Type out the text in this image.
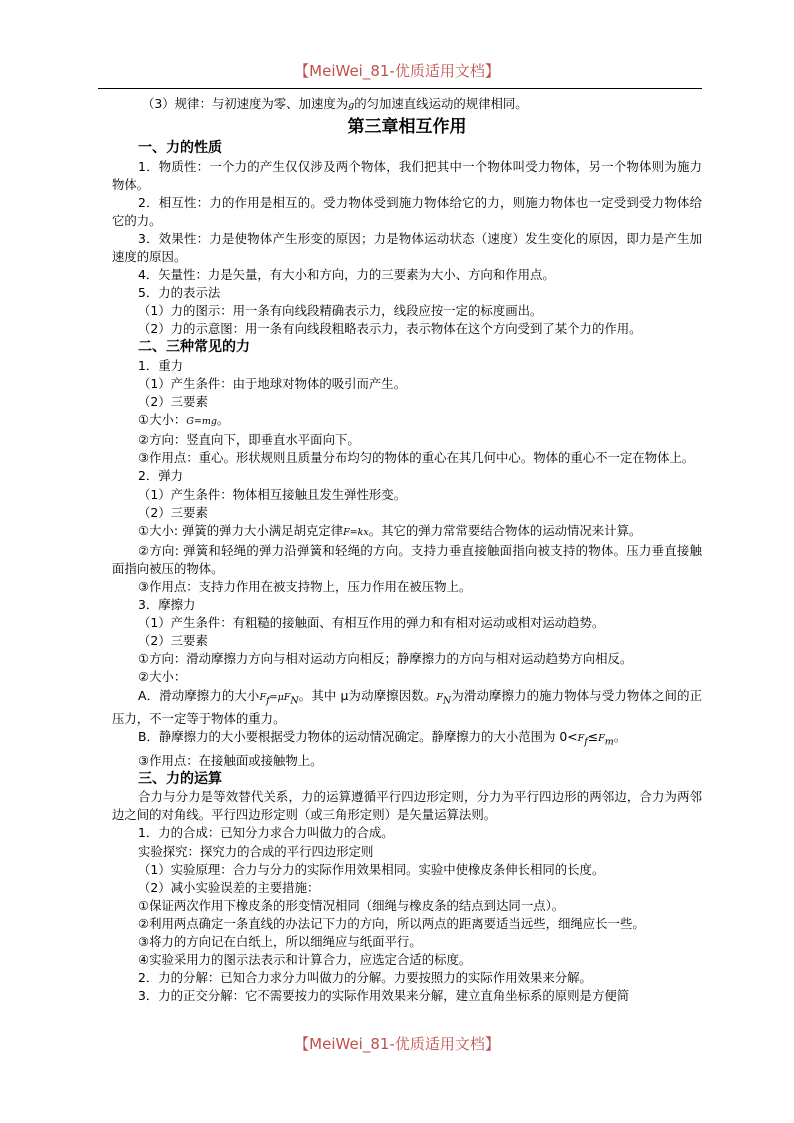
【MeiWei_81-优质适用文档】

（3）规律：与初速度为零、加速度为g的匀加速直线运动的规律相同。

第三章相互作用

一、力的性质

1．物质性：一个力的产生仅仅涉及两个物体，我们把其中一个物体叫受力物体，另一个物体则为施力物体。

2．相互性：力的作用是相互的。受力物体受到施力物体给它的力，则施力物体也一定受到受力物体给它的力。

3．效果性：力是使物体产生形变的原因；力是物体运动状态（速度）发生变化的原因，即力是产生加速度的原因。

4．矢量性：力是矢量，有大小和方向，力的三要素为大小、方向和作用点。

5．力的表示法

（1）力的图示：用一条有向线段精确表示力，线段应按一定的标度画出。

（2）力的示意图：用一条有向线段粗略表示力，表示物体在这个方向受到了某个力的作用。

二、三种常见的力

1．重力

（1）产生条件：由于地球对物体的吸引而产生。

（2）三要素

①大小：G=mg。

②方向：竖直向下，即垂直水平面向下。

③作用点：重心。形状规则且质量分布均匀的物体的重心在其几何中心。物体的重心不一定在物体上。

2．弹力

（1）产生条件：物体相互接触且发生弹性形变。

（2）三要素

①大小: 弹簧的弹力大小满足胡克定律F=kx。其它的弹力常常要结合物体的运动情况来计算。

②方向: 弹簧和轻绳的弹力沿弹簧和轻绳的方向。支持力垂直接触面指向被支持的物体。压力垂直接触面指向被压的物体。

③作用点：支持力作用在被支持物上，压力作用在被压物上。

3．摩擦力

（1）产生条件：有粗糙的接触面、有相互作用的弹力和有相对运动或相对运动趋势。

（2）三要素

①方向：滑动摩擦力方向与相对运动方向相反；静摩擦力的方向与相对运动趋势方向相反。

②大小：

A．滑动摩擦力的大小$F_f=\mu F_N$。其中 μ为动摩擦因数。$F_N$为滑动摩擦力的施力物体与受力物体之间的正压力，不一定等于物体的重力。

B．静摩擦力的大小要根据受力物体的运动情况确定。静摩擦力的大小范围为 $0<F_f\le F_m$。

③作用点：在接触面或接触物上。

三、力的运算

合力与分力是等效替代关系，力的运算遵循平行四边形定则，分力为平行四边形的两邻边，合力为两邻边之间的对角线。平行四边形定则（或三角形定则）是矢量运算法则。

1．力的合成：已知分力求合力叫做力的合成。

实验探究：探究力的合成的平行四边形定则

（1）实验原理：合力与分力的实际作用效果相同。实验中使橡皮条伸长相同的长度。

（2）减小实验误差的主要措施：

①保证两次作用下橡皮条的形变情况相同（细绳与橡皮条的结点到达同一点）。

②利用两点确定一条直线的办法记下力的方向，所以两点的距离要适当远些，细绳应长一些。

③将力的方向记在白纸上，所以细绳应与纸面平行。

④实验采用力的图示法表示和计算合力，应选定合适的标度。

2．力的分解：已知合力求分力叫做力的分解。力要按照力的实际作用效果来分解。

3．力的正交分解：它不需要按力的实际作用效果来分解，建立直角坐标系的原则是方便简

【MeiWei_81-优质适用文档】
